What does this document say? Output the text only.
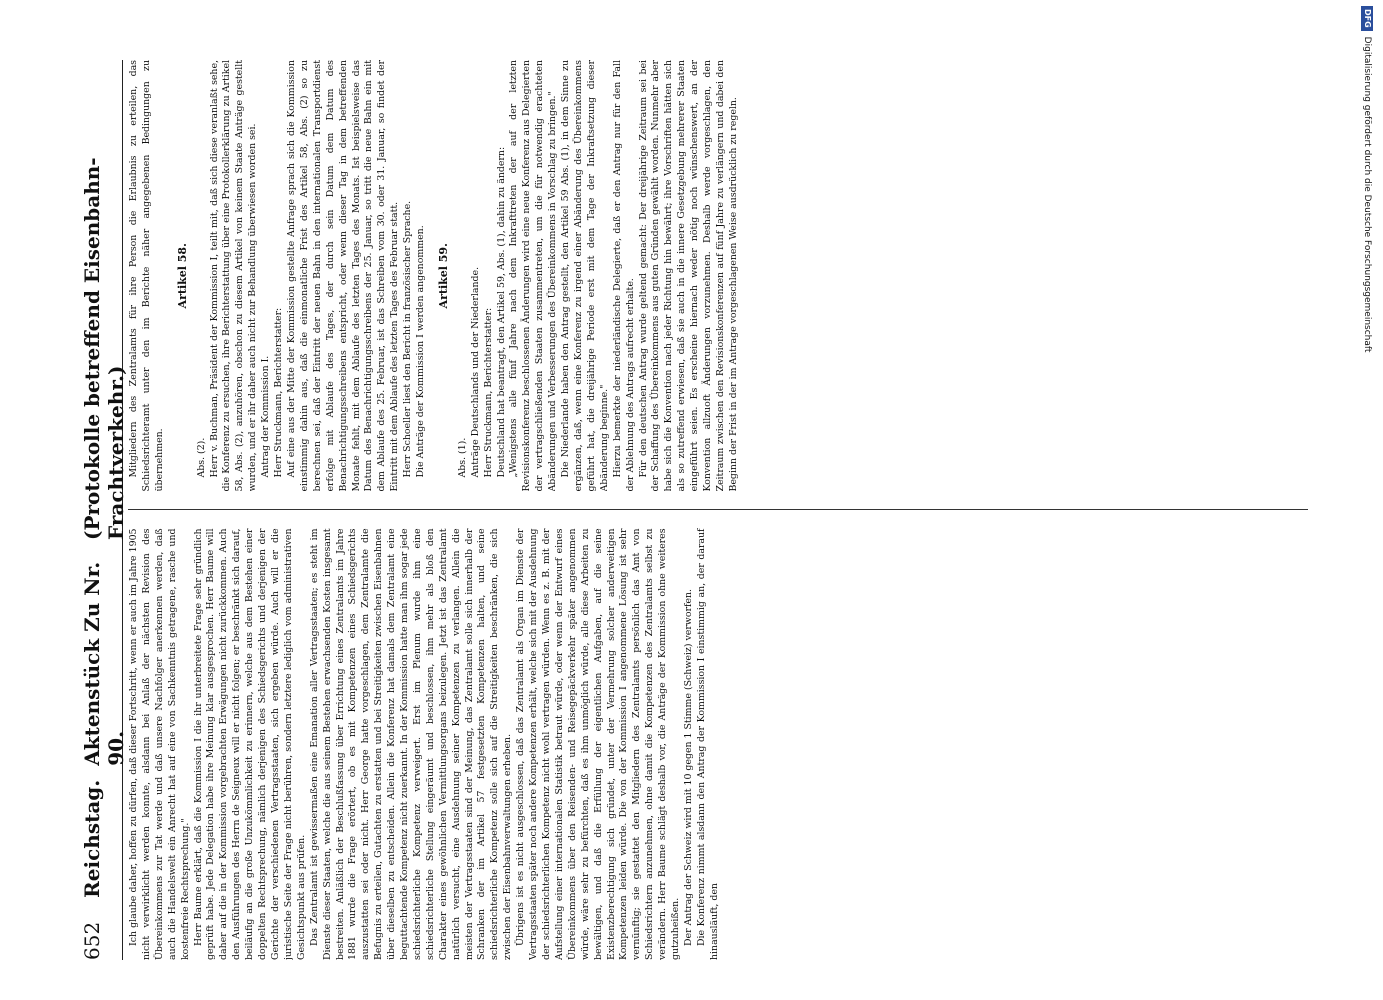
652
Reichstag.
Aktenstück Zu Nr. 90.
(Protokolle betreffend Eisenbahn-Frachtverkehr.)

Ich glaube daher, hoffen zu dürfen, daß dieser Fortschritt, wenn er auch im Jahre 1905 nicht verwirklicht werden konnte, alsdann bei Anlaß der nächsten Revision des Übereinkommens zur Tat werde und daß unsere Nachfolger anerkennen werden, daß auch die Handelswelt ein Anrecht hat auf eine von Sachkenntnis getragene, rasche und kostenfreie Rechtsprechung." Herr Baume erklärt, daß die Kommission I die ihr unterbreitete Frage sehr gründlich geprüft habe. Jede Delegation habe ihre Meinung klar ausgesprochen. Herr Baume will daher auf die in der Kommission vorgebrachten Erwägungen nicht zurückkommen. Auch den Ausführungen des Herrn de Seigneux will er nicht folgen; er beschränkt sich darauf, beiläufig an die große Unzukömmlichkeit zu erinnern, welche aus dem Bestehen einer doppelten Rechtsprechung, nämlich derjenigen des Schiedsgerichts und derjenigen der Gerichte der verschiedenen Vertragsstaaten, sich ergeben würde. Auch will er die juristische Seite der Frage nicht berühren, sondern letztere lediglich vom administrativen Gesichtspunkt aus prüfen. Das Zentralamt ist gewissermaßen eine Emanation aller Vertragsstaaten; es steht im Dienste dieser Staaten, welche die aus seinem Bestehen erwachsenden Kosten insgesamt bestreiten. Anläßlich der Beschlußfassung über Errichtung eines Zentralamts im Jahre 1881 wurde die Frage erörtert, ob es mit Kompetenzen eines Schiedsgerichts auszustatten sei oder nicht. Herr George hatte vorgeschlagen, dem Zentralamte die Befugnis zu erteilen, Gutachten zu erstatten und bei Streitigkeiten zwischen Eisenbahnen über dieselben zu entscheiden. Allein die Konferenz hat damals dem Zentralamt eine beguttachtende Kompetenz nicht zuerkannt. In der Kommission hatte man ihm sogar jede schiedsrichterliche Kompetenz verweigert. Erst im Plenum wurde ihm eine schiedsrichterliche Stellung eingeräumt und beschlossen, ihm mehr als bloß den Charakter eines gewöhnlichen Vermittlungsorgans beizulegen. Jetzt ist das Zentralamt natürlich versucht, eine Ausdehnung seiner Kompetenzen zu verlangen. Allein die meisten der Vertragsstaaten sind der Meinung, das Zentralamt solle sich innerhalb der Schranken der im Artikel 57 festgesetzten Kompetenzen halten, und seine schiedsrichterliche Kompetenz solle sich auf die Streitigkeiten beschränken, die sich zwischen der Eisenbahnverwaltungen erheben. Übrigens ist es nicht ausgeschlossen, daß das Zentralamt als Organ im Dienste der Vertragsstaaten später noch andere Kompetenzen erhält, welche sich mit der Ausdehnung der schiedsrichterlichen Kompetenz nicht wohl vertragen würden. Wenn es z. B. mit der Aufstellung einer internationalen Statistik betraut würde, oder wenn der Entwurf eines Übereinkommens über den Reisenden- und Reisegepäckverkehr später angenommen würde, wäre sehr zu befürchten, daß es ihm unmöglich würde, alle diese Arbeiten zu bewältigen, und daß die Erfüllung der eigentlichen Aufgaben, auf die seine Existenzberechtigung sich gründet, unter der Vermehrung solcher anderweitigen Kompetenzen leiden würde. Die von der Kommission I angenommene Lösung ist sehr vernünftig; sie gestattet den Mitgliedern des Zentralamts persönlich das Amt von Schiedsrichtern anzunehmen, ohne damit die Kompetenzen des Zentralamts selbst zu verändern. Herr Baume schlägt deshalb vor, die Anträge der Kommission ohne weiteres gutzuheißen. Der Antrag der Schweiz wird mit 10 gegen 1 Stimme (Schweiz) verworfen. Die Konferenz nimmt alsdann den Antrag der Kommission I einstimmig an, der darauf hinausläuft, den

Mitgliedern des Zentralamts für ihre Person die Erlaubnis zu erteilen, das Schiedsrichteramt unter den im Berichte näher angegebenen Bedingungen zu übernehmen.

Artikel 58.

Abs. (2). Herr v. Buchman, Präsident der Kommission I, teilt mit, daß sich diese veranlaßt sehe, die Konferenz zu ersuchen, ihre Berichterstattung über eine Protokollerklärung zu Artikel 58, Abs. (2), anzuhören, obschon zu diesem Artikel von keinem Staate Anträge gestellt wurden, und er ihr daher auch nicht zur Behandlung überwiesen worden sei. Antrag der Kommission I. Herr Struckmann, Berichterstatter: Auf eine aus der Mitte der Kommission gestellte Anfrage sprach sich die Kommission einstimmig dahin aus, daß die einmonatliche Frist des Artikel 58, Abs. (2) so zu berechnen sei, daß der Eintritt der neuen Bahn in den internationalen Transportdienst erfolge mit Ablaufe des Tages, der durch sein Datum dem Datum des Benachrichtigungsschreibens entspricht, oder wenn dieser Tag in dem betreffenden Monate fehlt, mit dem Ablaufe des letzten Tages des Monats. Ist beispielsweise das Datum des Benachrichtigungsschreibens der 25. Januar, so tritt die neue Bahn ein mit dem Ablaufe des 25. Februar, ist das Schreiben vom 30. oder 31. Januar, so findet der Eintritt mit dem Ablaufe des letzten Tages des Februar statt. Herr Schoeller liest den Bericht in französischer Sprache. Die Anträge der Kommission I werden angenommen. Artikel 59.

Abs. (1). Anträge Deutschlands und der Niederlande. Herr Struckmann, Berichterstatter: Deutschland hat beantragt, den Artikel 59, Abs. (1), dahin zu ändern: „Wenigstens alle fünf Jahre nach dem Inkrafttreten der auf der letzten Revisionskonferenz beschlossenen Änderungen wird eine neue Konferenz aus Delegierten der vertragschließenden Staaten zusammentreten, um die für notwendig erachteten Abänderungen und Verbesserungen des Übereinkommens in Vorschlag zu bringen." Die Niederlande haben den Antrag gestellt, den Artikel 59 Abs. (1), in dem Sinne zu ergänzen, daß, wenn eine Konferenz zu irgend einer Abänderung des Übereinkommens geführt hat, die dreijährige Periode erst mit dem Tage der Inkraftsetzung dieser Abänderung beginne." Hierzu bemerkte der niederländische Delegierte, daß er den Antrag nur für den Fall der Ablehnung des Antrags aufrecht erhalte. Für den deutschen Antrag wurde geltend gemacht: Der dreijährige Zeitraum sei bei der Schaffung des Übereinkommens aus guten Gründen gewählt worden. Nunmehr aber habe sich die Konvention nach jeder Richtung hin bewährt; ihre Vorschriften hätten sich als so zutreffend erwiesen, daß sie auch in die innere Gesetzgebung mehrerer Staaten eingeführt seien. Es erscheine hiernach weder nötig noch wünschenswert, an der Konvention allzuoft Änderungen vorzunehmen. Deshalb werde vorgeschlagen, den Zeitraum zwischen den Revisionskonferenzen auf fünf Jahre zu verlängern und dabei den Beginn der Frist in der im Antrage vorgeschlagenen Weise ausdrücklich zu regeln.

DFG
Digitalisierung gefördert durch die Deutsche Forschungsgemeinschaft
